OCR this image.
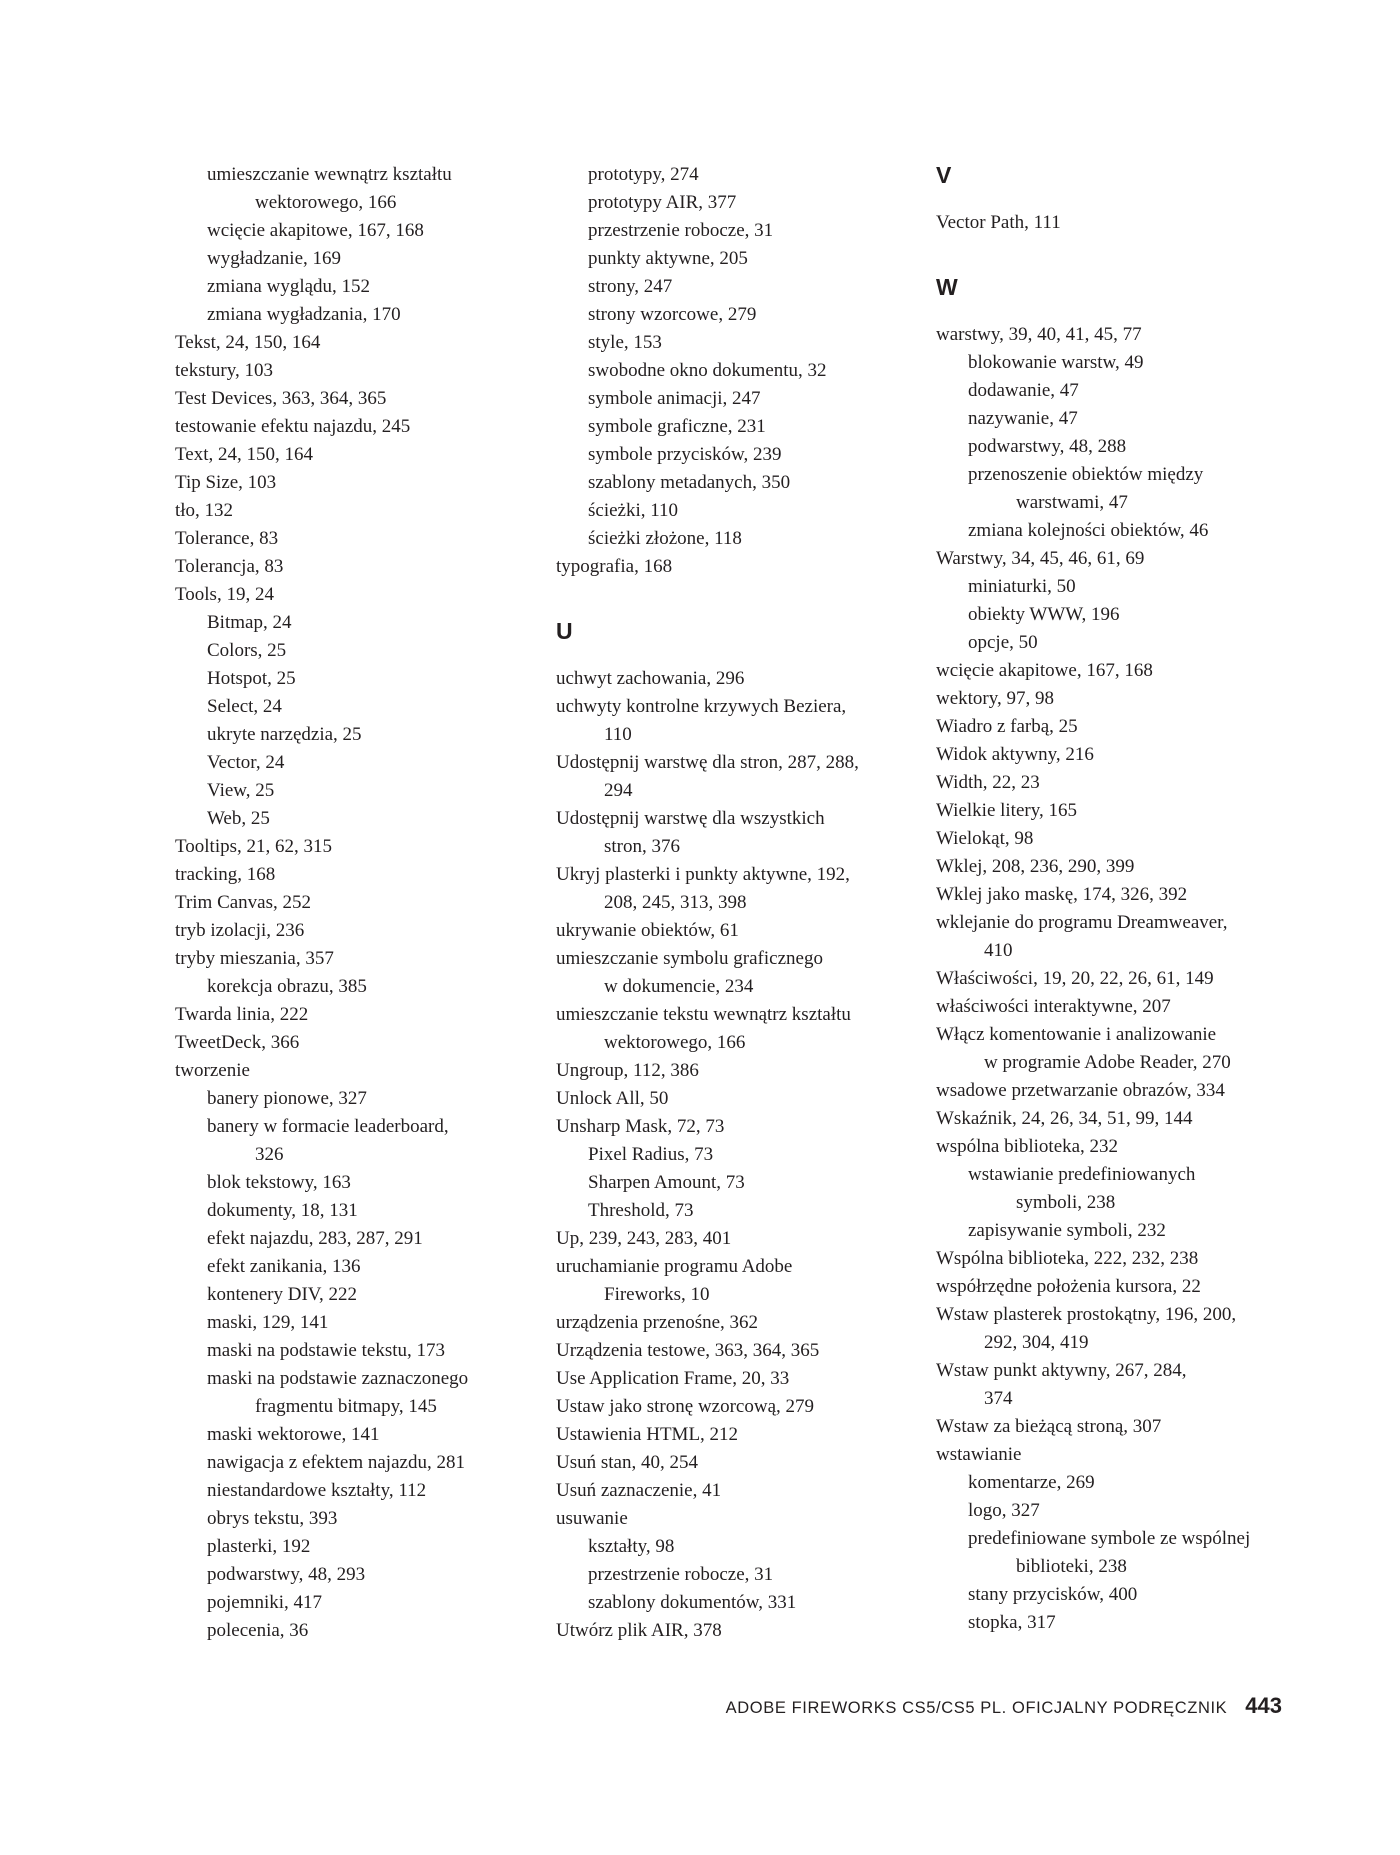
umieszczanie wewnątrz kształtu
wektorowego, 166
wcięcie akapitowe, 167, 168
wygładzanie, 169
zmiana wyglądu, 152
zmiana wygładzania, 170
Tekst, 24, 150, 164
tekstury, 103
Test Devices, 363, 364, 365
testowanie efektu najazdu, 245
Text, 24, 150, 164
Tip Size, 103
tło, 132
Tolerance, 83
Tolerancja, 83
Tools, 19, 24
Bitmap, 24
Colors, 25
Hotspot, 25
Select, 24
ukryte narzędzia, 25
Vector, 24
View, 25
Web, 25
Tooltips, 21, 62, 315
tracking, 168
Trim Canvas, 252
tryb izolacji, 236
tryby mieszania, 357
korekcja obrazu, 385
Twarda linia, 222
TweetDeck, 366
tworzenie
banery pionowe, 327
banery w formacie leaderboard,
326
blok tekstowy, 163
dokumenty, 18, 131
efekt najazdu, 283, 287, 291
efekt zanikania, 136
kontenery DIV, 222
maski, 129, 141
maski na podstawie tekstu, 173
maski na podstawie zaznaczonego
fragmentu bitmapy, 145
maski wektorowe, 141
nawigacja z efektem najazdu, 281
niestandardowe kształty, 112
obrys tekstu, 393
plasterki, 192
podwarstwy, 48, 293
pojemniki, 417
polecenia, 36
prototypy, 274
prototypy AIR, 377
przestrzenie robocze, 31
punkty aktywne, 205
strony, 247
strony wzorcowe, 279
style, 153
swobodne okno dokumentu, 32
symbole animacji, 247
symbole graficzne, 231
symbole przycisków, 239
szablony metadanych, 350
ścieżki, 110
ścieżki złożone, 118
typografia, 168
U
uchwyt zachowania, 296
uchwyty kontrolne krzywych Beziera,
110
Udostępnij warstwę dla stron, 287, 288,
294
Udostępnij warstwę dla wszystkich
stron, 376
Ukryj plasterki i punkty aktywne, 192,
208, 245, 313, 398
ukrywanie obiektów, 61
umieszczanie symbolu graficznego
w dokumencie, 234
umieszczanie tekstu wewnątrz kształtu
wektorowego, 166
Ungroup, 112, 386
Unlock All, 50
Unsharp Mask, 72, 73
Pixel Radius, 73
Sharpen Amount, 73
Threshold, 73
Up, 239, 243, 283, 401
uruchamianie programu Adobe
Fireworks, 10
urządzenia przenośne, 362
Urządzenia testowe, 363, 364, 365
Use Application Frame, 20, 33
Ustaw jako stronę wzorcową, 279
Ustawienia HTML, 212
Usuń stan, 40, 254
Usuń zaznaczenie, 41
usuwanie
kształty, 98
przestrzenie robocze, 31
szablony dokumentów, 331
Utwórz plik AIR, 378
V
Vector Path, 111
W
warstwy, 39, 40, 41, 45, 77
blokowanie warstw, 49
dodawanie, 47
nazywanie, 47
podwarstwy, 48, 288
przenoszenie obiektów między
warstwami, 47
zmiana kolejności obiektów, 46
Warstwy, 34, 45, 46, 61, 69
miniaturki, 50
obiekty WWW, 196
opcje, 50
wcięcie akapitowe, 167, 168
wektory, 97, 98
Wiadro z farbą, 25
Widok aktywny, 216
Width, 22, 23
Wielkie litery, 165
Wielokąt, 98
Wklej, 208, 236, 290, 399
Wklej jako maskę, 174, 326, 392
wklejanie do programu Dreamweaver,
410
Właściwości, 19, 20, 22, 26, 61, 149
właściwości interaktywne, 207
Włącz komentowanie i analizowanie
w programie Adobe Reader, 270
wsadowe przetwarzanie obrazów, 334
Wskaźnik, 24, 26, 34, 51, 99, 144
wspólna biblioteka, 232
wstawianie predefiniowanych
symboli, 238
zapisywanie symboli, 232
Wspólna biblioteka, 222, 232, 238
współrzędne położenia kursora, 22
Wstaw plasterek prostokątny, 196, 200,
292, 304, 419
Wstaw punkt aktywny, 267, 284,
374
Wstaw za bieżącą stroną, 307
wstawianie
komentarze, 269
logo, 327
predefiniowane symbole ze wspólnej
biblioteki, 238
stany przycisków, 400
stopka, 317
ADOBE FIREWORKS CS5/CS5 PL. OFICJALNY PODRĘCZNIK 443
